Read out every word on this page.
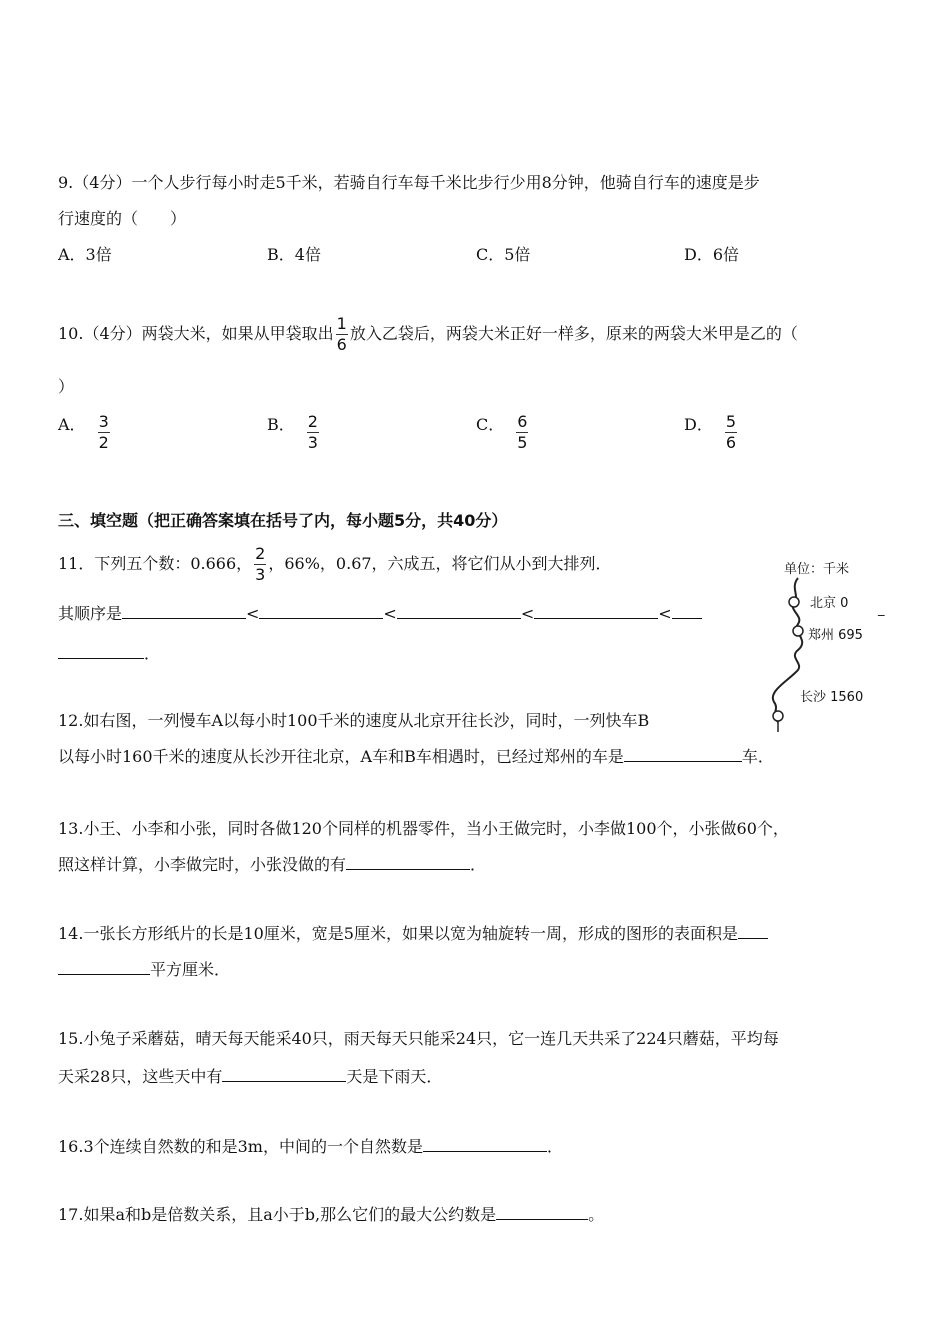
9.（4分）一个人步行每小时走5千米，若骑自行车每千米比步行少用8分钟，他骑自行车的速度是步
行速度的（　　）
A．3倍	B．4倍	C．5倍	D．6倍
10.（4分）两袋大米，如果从甲袋取出 $\frac{1}{6}$ 放入乙袋后，两袋大米正好一样多，原来的两袋大米甲是乙的（
）
A． $\frac{3}{2}$	B． $\frac{2}{3}$	C． $\frac{6}{5}$	D． $\frac{5}{6}$
三、填空题（把正确答案填在括号了内，每小题5分，共40分）
11．下列五个数：0.666， $\frac{2}{3}$ ，66%，0.67，六成五，将它们从小到大排列．
其顺序是	<	<	<	<
．
单位：千米
北京 0
郑州 695
长沙 1560
_
12.如右图，一列慢车A以每小时100千米的速度从北京开往长沙，同时，一列快车B
以每小时160千米的速度从长沙开往北京，A车和B车相遇时，已经过郑州的车是	车．
13.小王、小李和小张，同时各做120个同样的机器零件，当小王做完时，小李做100个，小张做60个，
照这样计算，小李做完时，小张没做的有	．
14.一张长方形纸片的长是10厘米，宽是5厘米，如果以宽为轴旋转一周，形成的图形的表面积是
平方厘米．
15.小兔子采蘑菇，晴天每天能采40只，雨天每天只能采24只，它一连几天共采了224只蘑菇，平均每
天采28只，这些天中有	天是下雨天．
16.3个连续自然数的和是3m，中间的一个自然数是	．
17.如果a和b是倍数关系，且a小于b,那么它们的最大公约数是	。
